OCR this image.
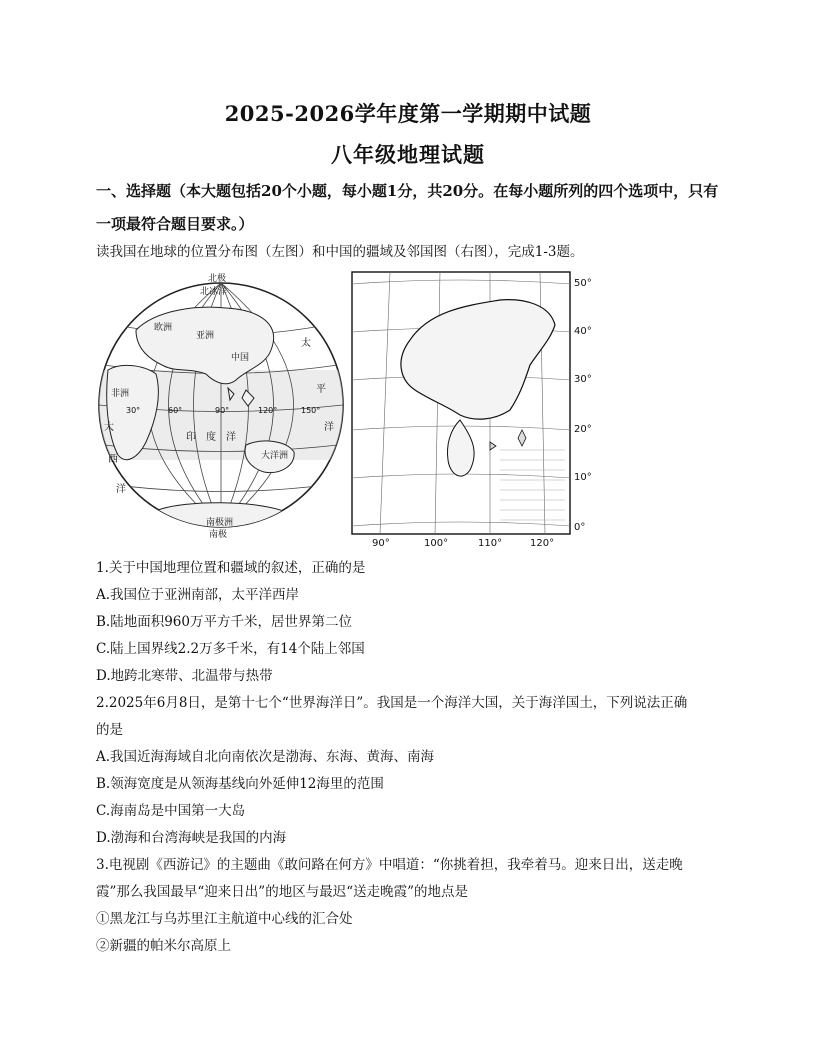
2025-2026学年度第一学期期中试题
八年级地理试题
一、选择题（本大题包括20个小题，每小题1分，共20分。在每小题所列的四个选项中，只有一项最符合题目要求。）
读我国在地球的位置分布图（左图）和中国的疆域及邻国图（右图），完成1-3题。
北极
北冰洋
欧洲
亚洲
中国
非洲
太
平
洋
大
西
洋
印 度 洋
大洋洲
南极洲
南极
30°	60°	90°	120°	150°
50°
40°
30°
20°
10°
0°
90°	100°	110°	120°
1.关于中国地理位置和疆域的叙述，正确的是
A.我国位于亚洲南部，太平洋西岸
B.陆地面积960万平方千米，居世界第二位
C.陆上国界线2.2万多千米，有14个陆上邻国
D.地跨北寒带、北温带与热带
2.2025年6月8日，是第十七个“世界海洋日”。我国是一个海洋大国，关于海洋国土，下列说法正确
的是
A.我国近海海域自北向南依次是渤海、东海、黄海、南海
B.领海宽度是从领海基线向外延伸12海里的范围
C.海南岛是中国第一大岛
D.渤海和台湾海峡是我国的内海
3.电视剧《西游记》的主题曲《敢问路在何方》中唱道：“你挑着担，我牵着马。迎来日出，送走晚
霞”那么我国最早“迎来日出”的地区与最迟“送走晚霞”的地点是
①黑龙江与乌苏里江主航道中心线的汇合处
②新疆的帕米尔高原上
